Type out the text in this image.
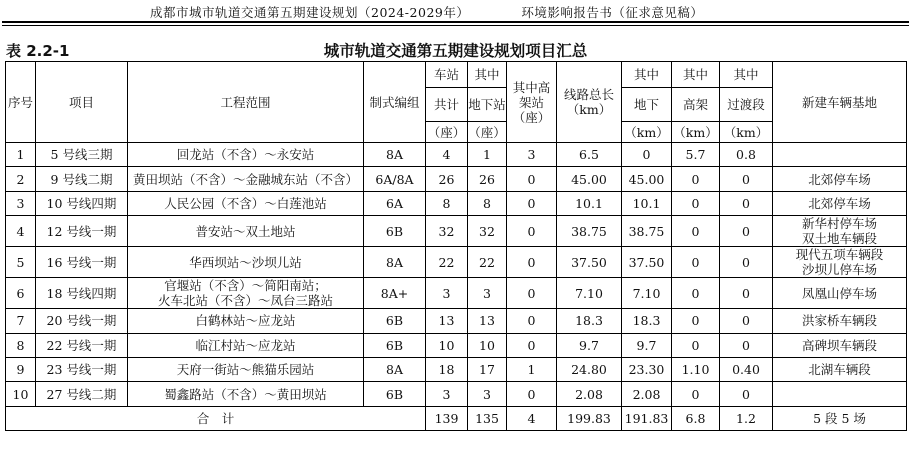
成都市城市轨道交通第五期建设规划（2024-2029年）	环境影响报告书（征求意见稿）
表 2.2-1	城市轨道交通第五期建设规划项目汇总
序号	项目	工程范围	制式编组	车站	其中	其中高架站（座）	线路总长（km）	其中	其中	其中	新建车辆基地
				共计	地下站			地下	高架	过渡段	
				（座）	（座）			（km）	（km）	（km）	
1	5 号线三期	回龙站（不含）～永安站	8A	4	1	3	6.5	0	5.7	0.8	
2	9 号线二期	黄田坝站（不含）～金融城东站（不含）	6A/8A	26	26	0	45.00	45.00	0	0	北郊停车场
3	10 号线四期	人民公园（不含）～白莲池站	6A	8	8	0	10.1	10.1	0	0	北郊停车场
4	12 号线一期	普安站～双土地站	6B	32	32	0	38.75	38.75	0	0	新华村停车场
双土地车辆段

5	16 号线一期	华西坝站～沙坝儿站	8A	22	22	0	37.50	37.50	0	0	现代五项车辆段
沙坝儿停车场

6	18 号线四期	官堰站（不含）～简阳南站；
火车北站（不含）～凤台三路站	8A+	3	3	0	7.10	7.10	0	0	凤凰山停车场
7	20 号线一期	白鹤林站～应龙站	6B	13	13	0	18.3	18.3	0	0	洪家桥车辆段
8	22 号线一期	临江村站～应龙站	6B	10	10	0	9.7	9.7	0	0	高碑坝车辆段
9	23 号线一期	天府一街站～熊猫乐园站	8A	18	17	1	24.80	23.30	1.10	0.40	北湖车辆段
10	27 号线二期	蜀鑫路站（不含）～黄田坝站	6B	3	3	0	2.08	2.08	0	0	
合　计				139	135	4	199.83	191.83	6.8	1.2	5 段 5 场
